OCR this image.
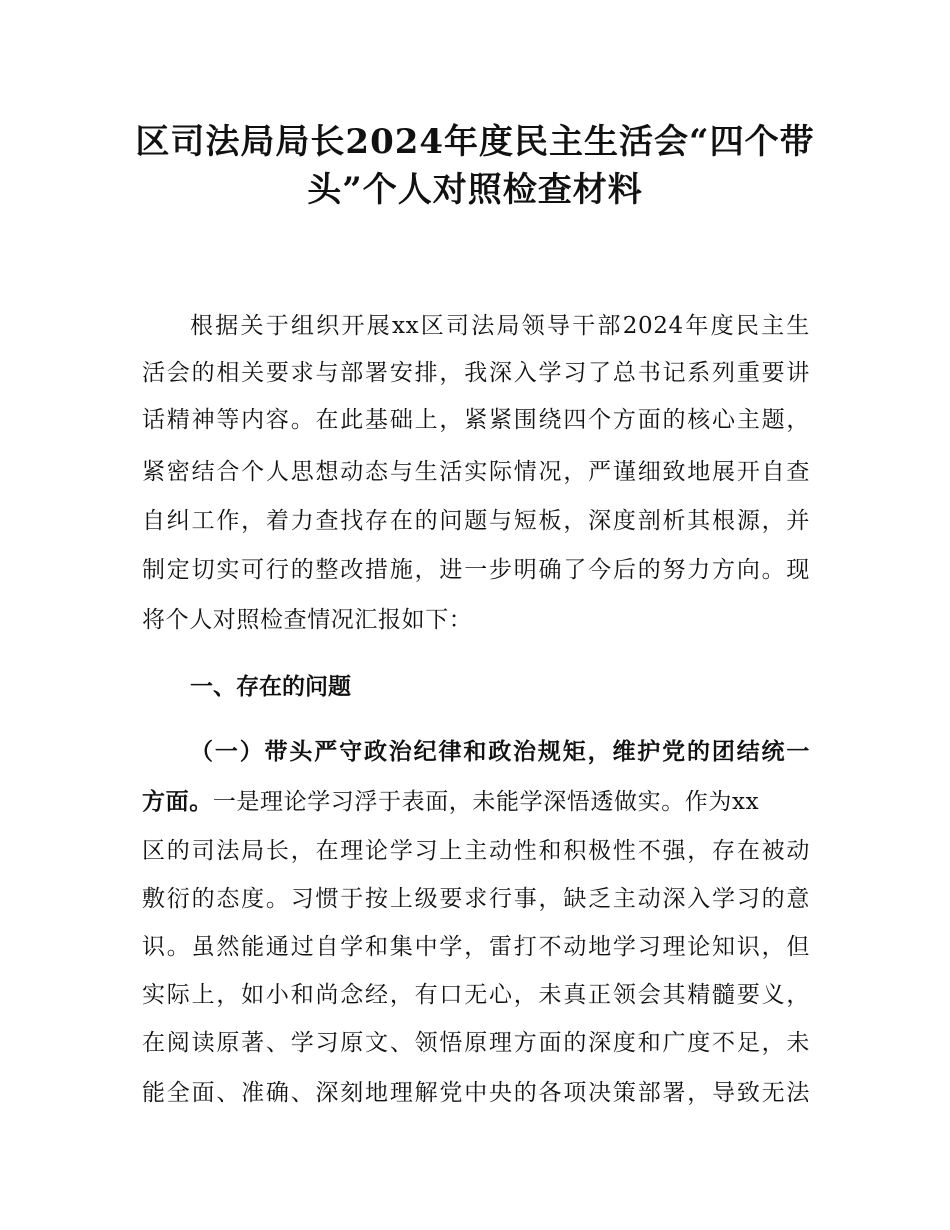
区司法局局长2024年度民主生活会“四个带
头”个人对照检查材料
根据关于组织开展xx区司法局领导干部2024年度民主生
活会的相关要求与部署安排，我深入学习了总书记系列重要讲
话精神等内容。在此基础上，紧紧围绕四个方面的核心主题，
紧密结合个人思想动态与生活实际情况，严谨细致地展开自查
自纠工作，着力查找存在的问题与短板，深度剖析其根源，并
制定切实可行的整改措施，进一步明确了今后的努力方向。现
将个人对照检查情况汇报如下：
一、存在的问题
（一）带头严守政治纪律和政治规矩，维护党的团结统一
方面。一是理论学习浮于表面，未能学深悟透做实。作为xx
区的司法局长，在理论学习上主动性和积极性不强，存在被动
敷衍的态度。习惯于按上级要求行事，缺乏主动深入学习的意
识。虽然能通过自学和集中学，雷打不动地学习理论知识，但
实际上，如小和尚念经，有口无心，未真正领会其精髓要义，
在阅读原著、学习原文、领悟原理方面的深度和广度不足，未
能全面、准确、深刻地理解党中央的各项决策部署，导致无法
